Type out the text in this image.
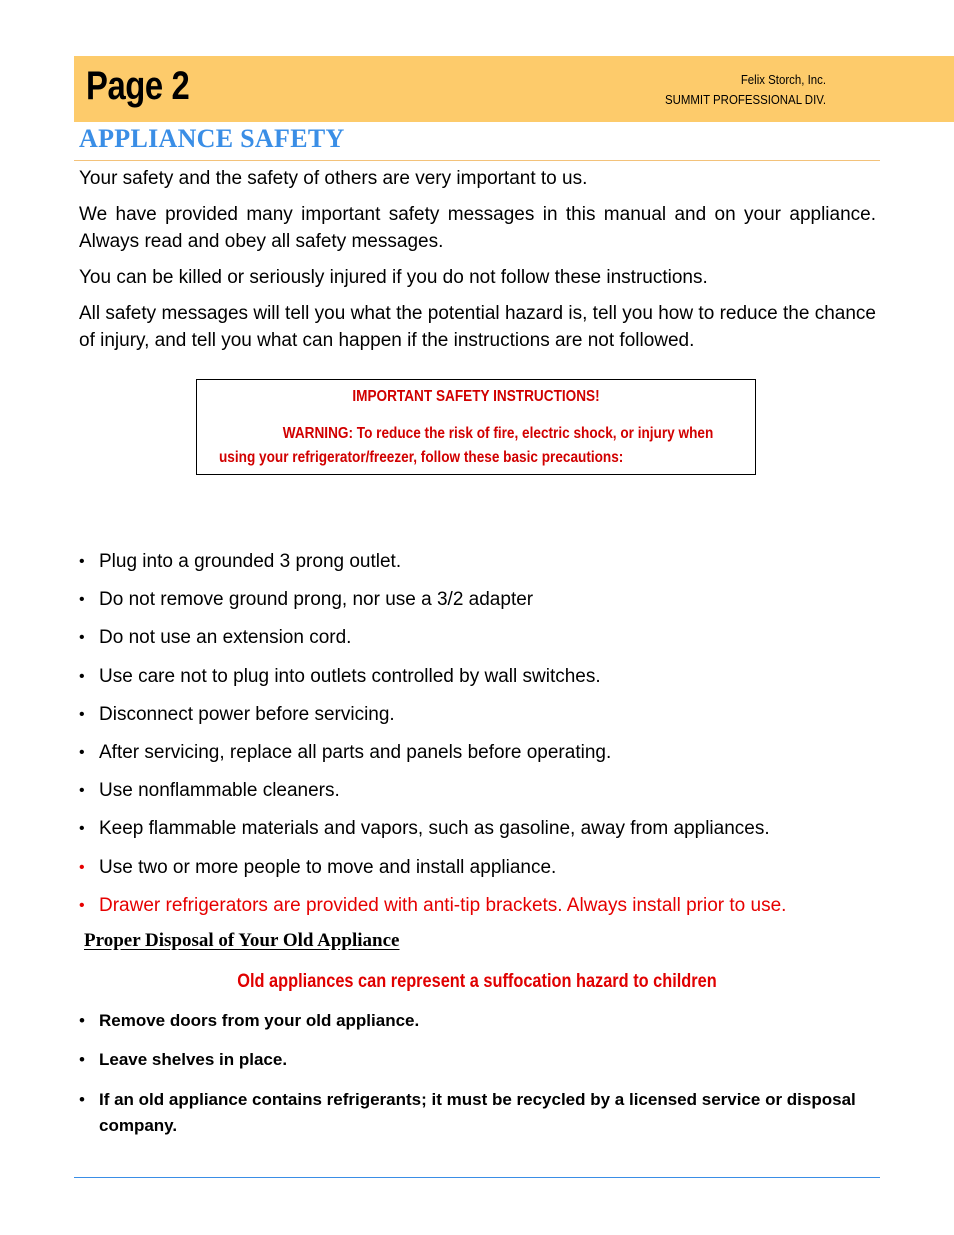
Page 2	Felix Storch, Inc.
SUMMIT PROFESSIONAL DIV.
APPLIANCE SAFETY

Your safety and the safety of others are very important to us.

We have provided many important safety messages in this manual and on your appliance. Always read and obey all safety messages.

You can be killed or seriously injured if you do not follow these instructions.

All safety messages will tell you what the potential hazard is, tell you how to reduce the chance of injury, and tell you what can happen if the instructions are not followed.

IMPORTANT SAFETY INSTRUCTIONS!
WARNING: To reduce the risk of fire, electric shock, or injury when using your refrigerator/freezer, follow these basic precautions:
• Plug into a grounded 3 prong outlet.
• Do not remove ground prong, nor use a 3/2 adapter
• Do not use an extension cord.
• Use care not to plug into outlets controlled by wall switches.
• Disconnect power before servicing.
• After servicing, replace all parts and panels before operating.
• Use nonflammable cleaners.
• Keep flammable materials and vapors, such as gasoline, away from appliances.
• Use two or more people to move and install appliance.
• Drawer refrigerators are provided with anti-tip brackets. Always install prior to use.
Proper Disposal of Your Old Appliance
Old appliances can represent a suffocation hazard to children
• Remove doors from your old appliance.
• Leave shelves in place.
• If an old appliance contains refrigerants; it must be recycled by a licensed service or disposal company.
